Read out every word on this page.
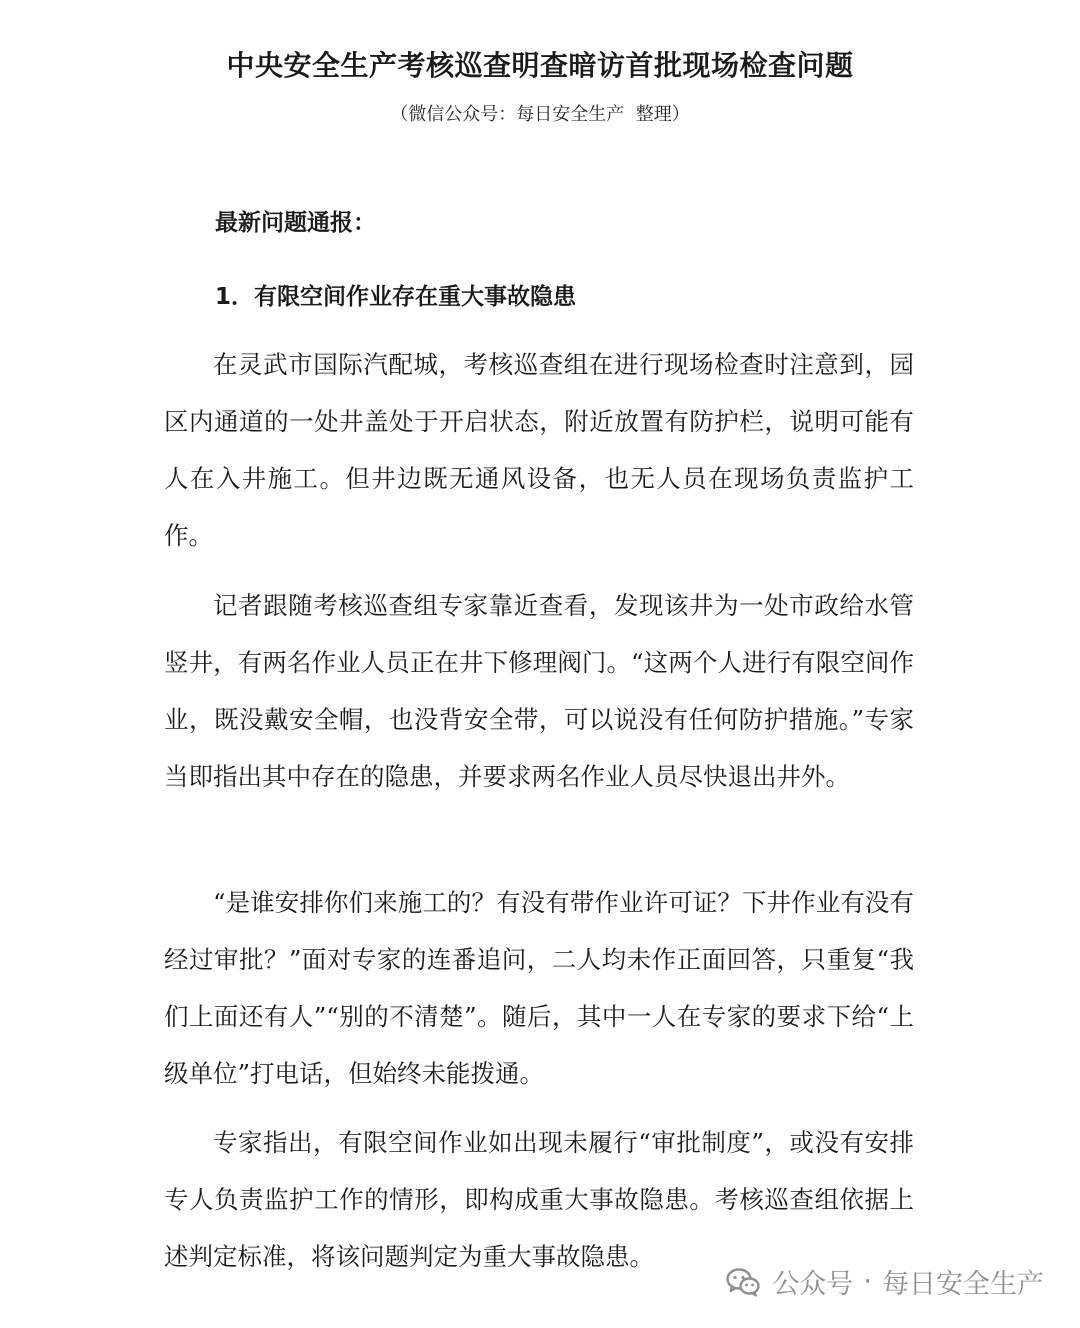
中央安全生产考核巡查明查暗访首批现场检查问题
（微信公众号：每日安全生产  整理）
最新问题通报：
1．有限空间作业存在重大事故隐患

在灵武市国际汽配城，考核巡查组在进行现场检查时注意到，园区内通道的一处井盖处于开启状态，附近放置有防护栏，说明可能有人在入井施工。但井边既无通风设备，也无人员在现场负责监护工作。

记者跟随考核巡查组专家靠近查看，发现该井为一处市政给水管竖井，有两名作业人员正在井下修理阀门。“这两个人进行有限空间作业，既没戴安全帽，也没背安全带，可以说没有任何防护措施。”专家当即指出其中存在的隐患，并要求两名作业人员尽快退出井外。

“是谁安排你们来施工的？有没有带作业许可证？下井作业有没有经过审批？”面对专家的连番追问，二人均未作正面回答，只重复“我们上面还有人”“别的不清楚”。随后，其中一人在专家的要求下给“上级单位”打电话，但始终未能拨通。

专家指出，有限空间作业如出现未履行“审批制度”，或没有安排专人负责监护工作的情形，即构成重大事故隐患。考核巡查组依据上述判定标准，将该问题判定为重大事故隐患。

公众号 · 每日安全生产
